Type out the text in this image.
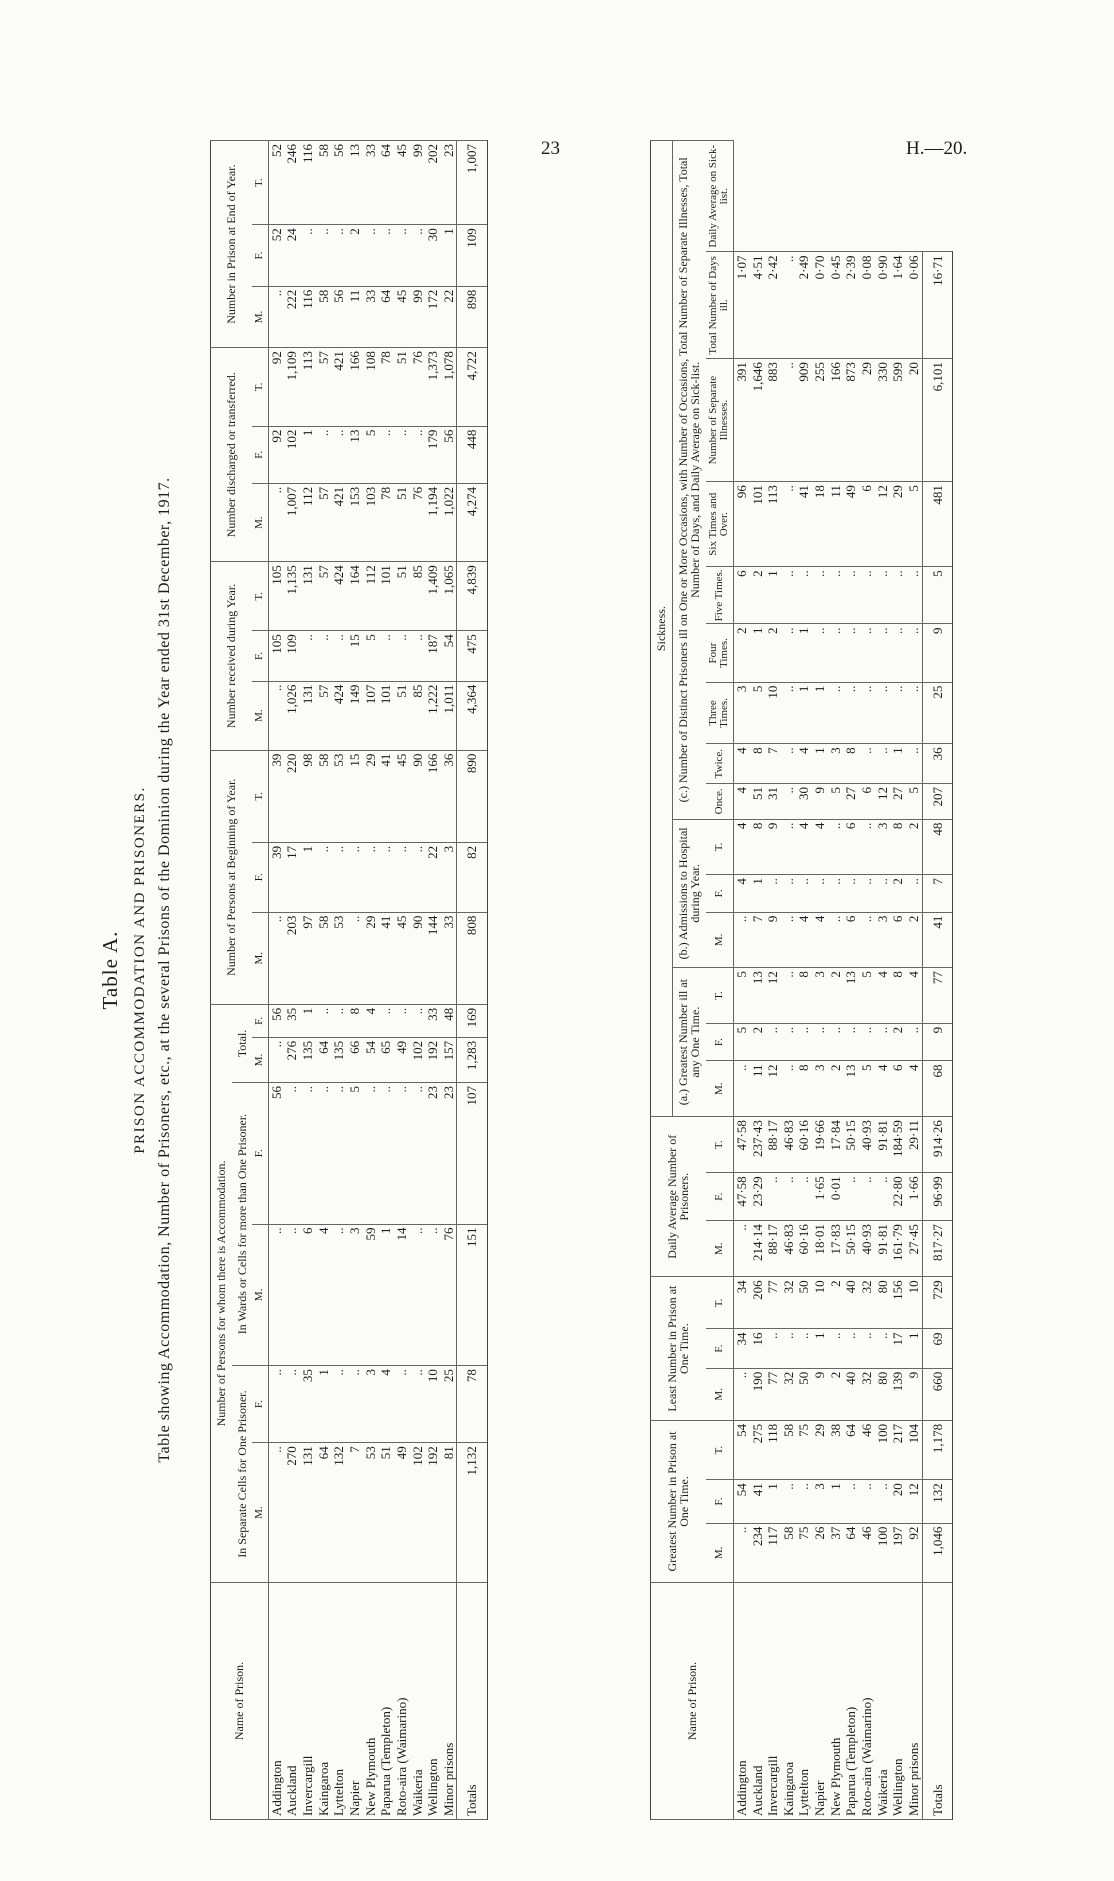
23	H.—20.
Table A. PRISON ACCOMMODATION AND PRISONERS. Table showing Accommodation, Number of Prisoners, etc., at the several Prisons of the Dominion during the Year ended 31st December, 1917.
Name of Prison.	Number of Persons for whom there is Accommodation.						Number of Persons at Beginning of Year.			Number received during Year.			Number discharged or transferred.			Number in Prison at End of Year.		
	In Separate Cells for One Prisoner.		In Wards or Cells for more than One Prisoner.		Total.													
	M.	F.	M.	F.	M.	F.	M.	F.	T.	M.	F.	T.	M.	F.	T.	M.	F.	T.
Addington	..	..	..	56	..	56	..	39	39	..	105	105	..	92	92	..	52	52
Auckland	270	..	..	..	276	35	203	17	220	1,026	109	1,135	1,007	102	1,109	222	24	246
Invercargill	131	35	6	..	135	1	97	1	98	131	..	131	112	1	113	116	..	116
Kaingaroa	64	1	4	..	64	..	58	..	58	57	..	57	57	..	57	58	..	58
Lyttelton	132	..	..	..	135	..	53	..	53	424	..	424	421	..	421	56	..	56
Napier	7	..	3	5	66	8	..	..	15	149	15	164	153	13	166	11	2	13
New Plymouth	53	3	59	..	54	4	29	..	29	107	5	112	103	5	108	33	..	33
Paparua (Templeton)	51	4	1	..	65	..	41	..	41	101	..	101	78	..	78	64	..	64
Roto-aira (Waimarino)	49	..	14	..	49	..	45	..	45	51	..	51	51	..	51	45	..	45
Waikeria	102	..	..	..	102	..	90	..	90	85	..	85	76	..	76	99	..	99
Wellington	192	10	..	23	192	33	144	22	166	1,222	187	1,409	1,194	179	1,373	172	30	202
Minor prisons	81	25	76	23	157	48	33	3	36	1,011	54	1,065	1,022	56	1,078	22	1	23
Totals	1,132	78	151	107	1,283	169	808	82	890	4,364	475	4,839	4,274	448	4,722	898	109	1,007
Name of Prison.	Greatest Number in Prison at One Time.			Least Number in Prison at One Time.			Daily Average Number of Prisoners.			Sickness.														
										(a.) Greatest Number ill at any One Time.			(b.) Admissions to Hospital during Year.			(c.) Number of Distinct Prisoners ill on One or More Occasions, with Number of Occasions, Total Number of Separate Illnesses, Total Number of Days, and Daily Average on Sick-list.								
	M.	F.	T.	M.	F.	T.	M.	F.	T.	M.	F.	T.	M.	F.	T.	Once.	Twice.	Three Times.	Four Times.	Five Times.	Six Times and Over.	Number of Separate Illnesses.	Total Number of Days ill.	Daily Average on Sick-list.
Addington	..	54	54	..	34	34	..	47·58	47·58	..	5	5	..	4	4	4	4	3	2	6	96	391	1·07	
Auckland	234	41	275	190	16	206	214·14	23·29	237·43	11	2	13	7	1	8	51	8	5	1	2	101	1,646	4·51	
Invercargill	117	1	118	77	..	77	88·17	..	88·17	12	..	12	9	..	9	31	7	10	2	1	113	883	2·42	
Kaingaroa	58	..	58	32	..	32	46·83	..	46·83	..	..	..	..	..	..	..	..	..	..	..	..	..	..	
Lyttelton	75	..	75	50	..	50	60·16	..	60·16	8	..	8	4	..	4	30	4	1	1	..	41	909	2·49	
Napier	26	3	29	9	1	10	18·01	1·65	19·66	3	..	3	4	..	4	9	1	1	..	..	18	255	0·70	
New Plymouth	37	1	38	2	..	2	17·83	0·01	17·84	2	..	2	..	..	..	5	3	..	..	..	11	166	0·45	
Paparua (Templeton)	64	..	64	40	..	40	50·15	..	50·15	13	..	13	6	..	6	27	8	..	..	..	49	873	2·39	
Roto-aira (Waimarino)	46	..	46	32	..	32	40·93	..	40·93	5	..	5	..	..	..	6	..	..	..	..	6	29	0·08	
Waikeria	100	..	100	80	..	80	91·81	..	91·81	4	..	4	3	..	3	12	..	..	..	..	12	330	0·90	
Wellington	197	20	217	139	17	156	161·79	22·80	184·59	6	2	8	6	2	8	27	1	..	..	..	29	599	1·64	
Minor prisons	92	12	104	9	1	10	27·45	1·66	29·11	4	..	4	2	..	2	5	..	..	..	..	5	20	0·06	
Totals	1,046	132	1,178	660	69	729	817·27	96·99	914·26	68	9	77	41	7	48	207	36	25	9	5	481	6,101	16·71	
